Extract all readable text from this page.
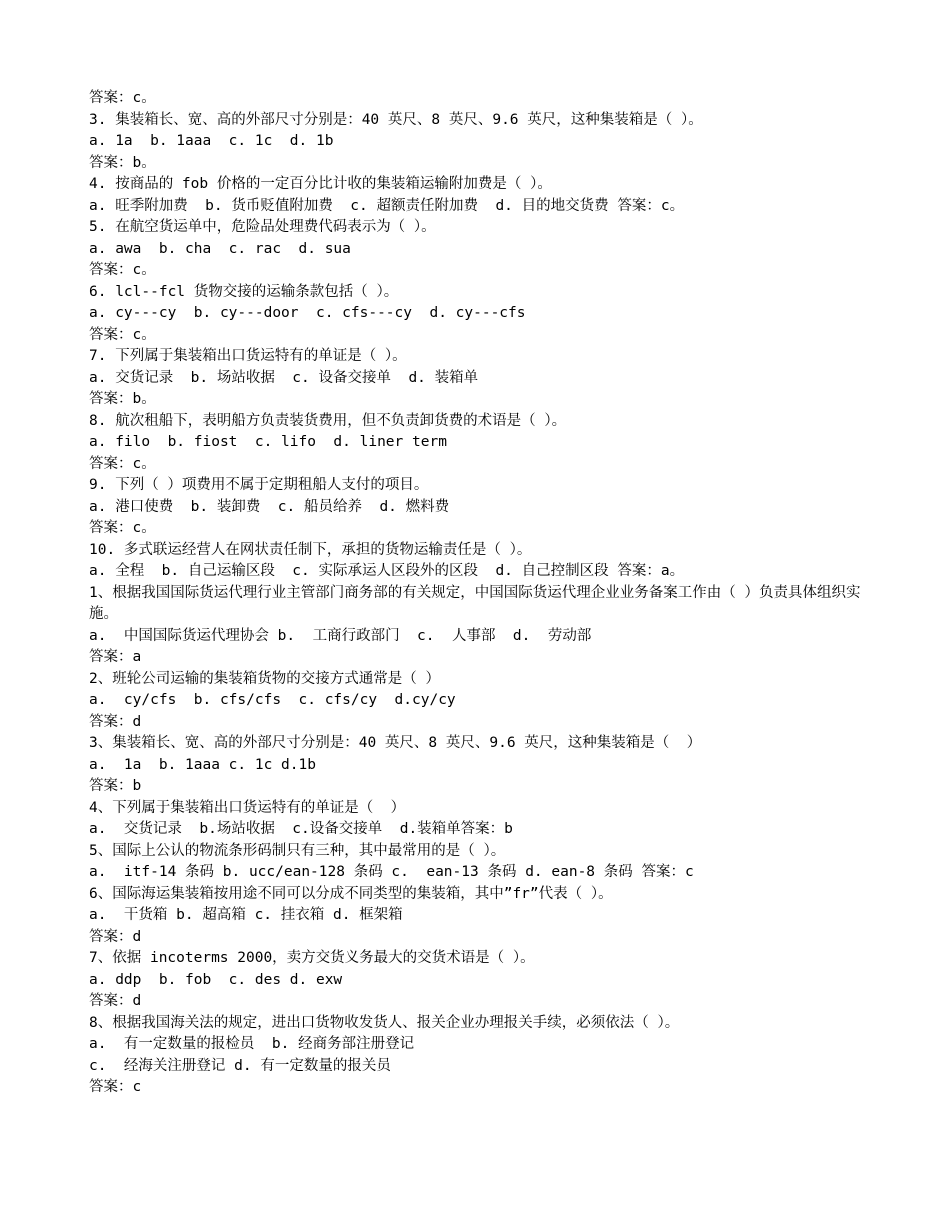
答案：c。

3. 集装箱长、宽、高的外部尺寸分别是：40 英尺、8 英尺、9.6 英尺，这种集装箱是（ ）。

a. 1a  b. 1aaa  c. 1c  d. 1b

答案：b。

4. 按商品的 fob 价格的一定百分比计收的集装箱运输附加费是（ ）。

a. 旺季附加费  b. 货币贬值附加费  c. 超额责任附加费  d. 目的地交货费 答案：c。

5. 在航空货运单中，危险品处理费代码表示为（ ）。

a. awa  b. cha  c. rac  d. sua

答案：c。

6. lcl--fcl 货物交接的运输条款包括（ ）。

a. cy---cy  b. cy---door  c. cfs---cy  d. cy---cfs

答案：c。

7. 下列属于集装箱出口货运特有的单证是（ ）。

a. 交货记录  b. 场站收据  c. 设备交接单  d. 装箱单

答案：b。

8. 航次租船下，表明船方负责装货费用，但不负责卸货费的术语是（ ）。

a. filo  b. fiost  c. lifo  d. liner term

答案：c。

9. 下列（ ）项费用不属于定期租船人支付的项目。

a. 港口使费  b. 装卸费  c. 船员给养  d. 燃料费

答案：c。

10. 多式联运经营人在网状责任制下，承担的货物运输责任是（ ）。

a. 全程  b. 自己运输区段  c. 实际承运人区段外的区段  d. 自己控制区段 答案：a。

1、根据我国国际货运代理行业主管部门商务部的有关规定，中国国际货运代理企业业务备案工作由（ ）负责具体组织实施。

a.  中国国际货运代理协会 b.  工商行政部门  c.  人事部  d.  劳动部

答案：a

2、班轮公司运输的集装箱货物的交接方式通常是（ ）

a.  cy/cfs  b. cfs/cfs  c. cfs/cy  d.cy/cy

答案：d

3、集装箱长、宽、高的外部尺寸分别是：40 英尺、8 英尺、9.6 英尺，这种集装箱是（  ）

a.  1a  b. 1aaa c. 1c d.1b

答案：b

4、下列属于集装箱出口货运特有的单证是（  ）

a.  交货记录  b.场站收据  c.设备交接单  d.装箱单答案：b

5、国际上公认的物流条形码制只有三种，其中最常用的是（ ）。

a.  itf-14 条码 b. ucc/ean-128 条码 c.  ean-13 条码 d. ean-8 条码 答案：c

6、国际海运集装箱按用途不同可以分成不同类型的集装箱，其中”fr”代表（ ）。

a.  干货箱 b. 超高箱 c. 挂衣箱 d. 框架箱

答案：d

7、依据 incoterms 2000，卖方交货义务最大的交货术语是（ ）。

a. ddp  b. fob  c. des d. exw

答案：d

8、根据我国海关法的规定，进出口货物收发货人、报关企业办理报关手续，必须依法（ ）。

a.  有一定数量的报检员  b. 经商务部注册登记

c.  经海关注册登记 d. 有一定数量的报关员

答案：c
